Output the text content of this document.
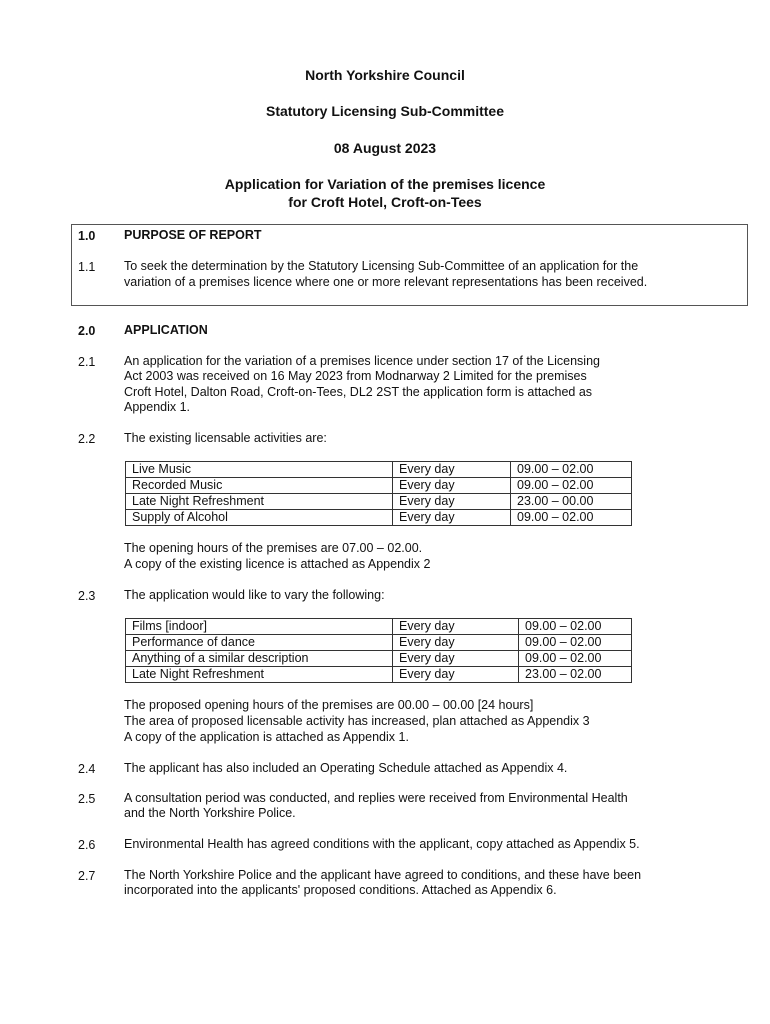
North Yorkshire Council
Statutory Licensing Sub-Committee
08 August 2023
Application for Variation of the premises licence
for Croft Hotel, Croft-on-Tees
1.0 PURPOSE OF REPORT
1.1 To seek the determination by the Statutory Licensing Sub-Committee of an application for the
variation of a premises licence where one or more relevant representations has been received.
2.0 APPLICATION
2.1 An application for the variation of a premises licence under section 17 of the Licensing
Act 2003 was received on 16 May 2023 from Modnarway 2 Limited for the premises
Croft Hotel, Dalton Road, Croft-on-Tees, DL2 2ST the application form is attached as
Appendix 1.
2.2 The existing licensable activities are:
Live Music	Every day	09.00 – 02.00
Recorded Music	Every day	09.00 – 02.00
Late Night Refreshment	Every day	23.00 – 00.00
Supply of Alcohol	Every day	09.00 – 02.00
The opening hours of the premises are 07.00 – 02.00.
A copy of the existing licence is attached as Appendix 2
2.3 The application would like to vary the following:
Films [indoor]	Every day	09.00 – 02.00
Performance of dance	Every day	09.00 – 02.00
Anything of a similar description	Every day	09.00 – 02.00
Late Night Refreshment	Every day	23.00 – 02.00
The proposed opening hours of the premises are 00.00 – 00.00 [24 hours]
The area of proposed licensable activity has increased, plan attached as Appendix 3
A copy of the application is attached as Appendix 1.
2.4 The applicant has also included an Operating Schedule attached as Appendix 4.
2.5 A consultation period was conducted, and replies were received from Environmental Health
and the North Yorkshire Police.
2.6 Environmental Health has agreed conditions with the applicant, copy attached as Appendix 5.
2.7 The North Yorkshire Police and the applicant have agreed to conditions, and these have been
incorporated into the applicants' proposed conditions. Attached as Appendix 6.
